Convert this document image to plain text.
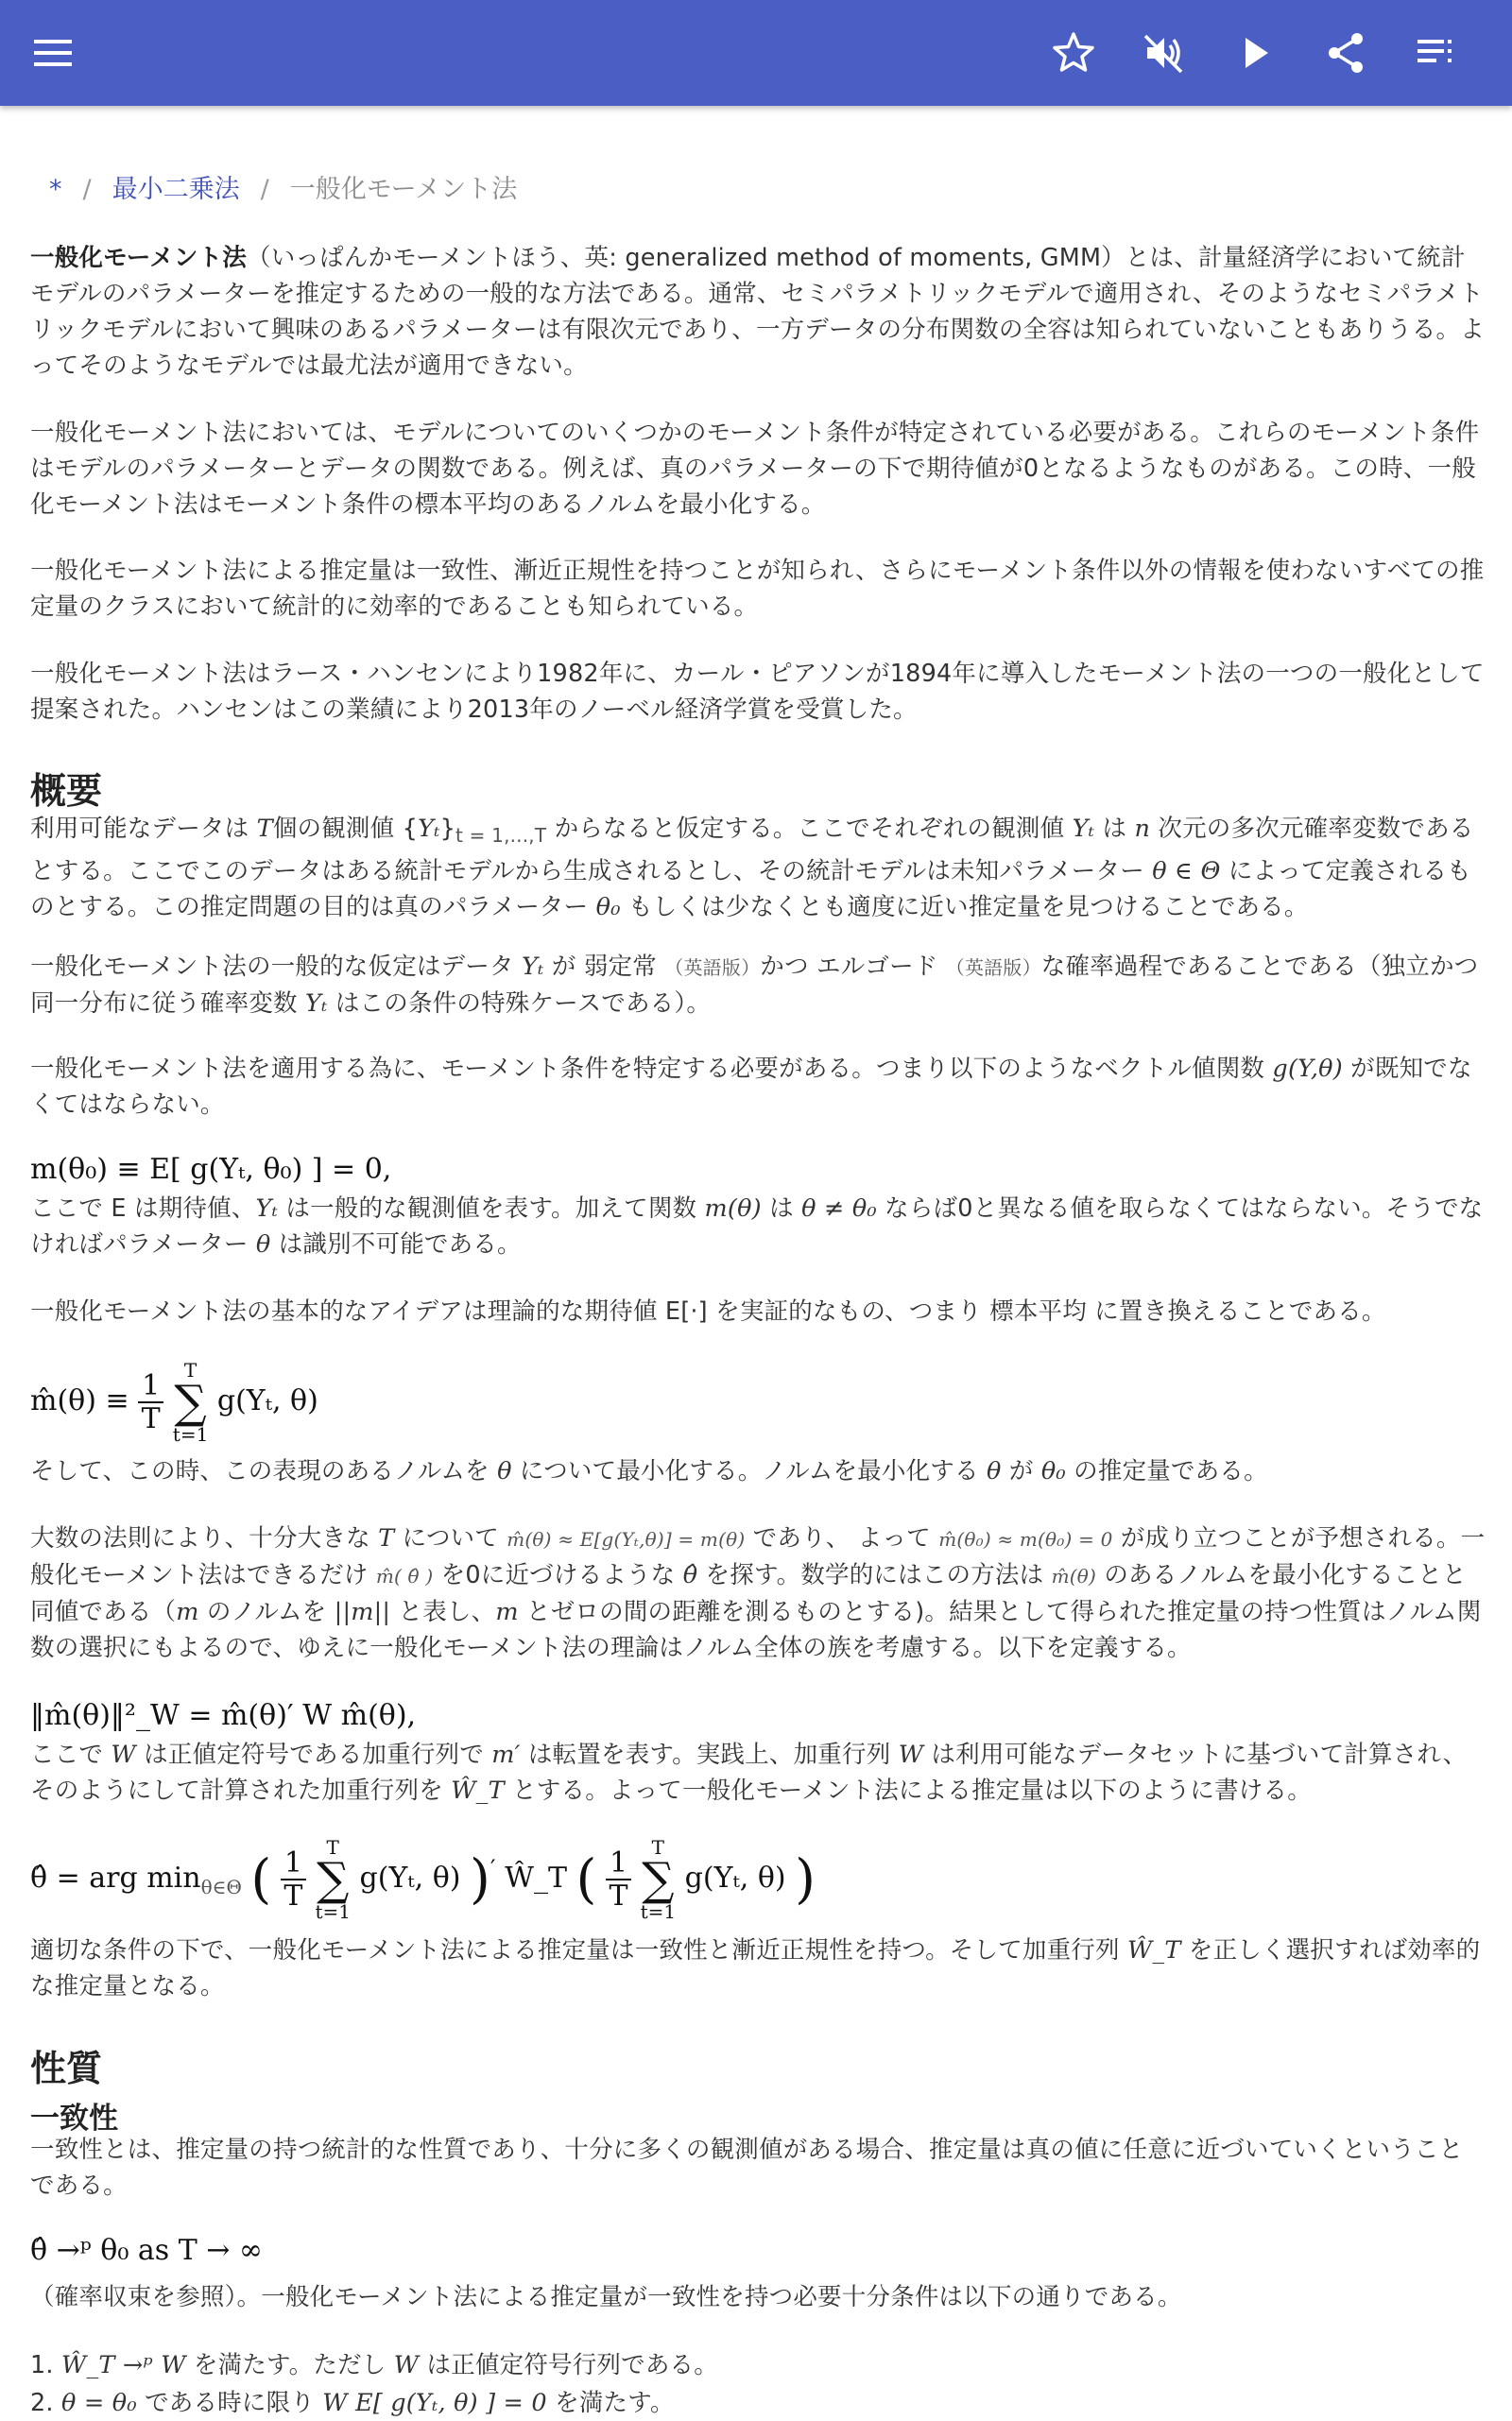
* / 最小二乗法 / 一般化モーメント法

一般化モーメント法（いっぱんかモーメントほう、英: generalized method of moments, GMM）とは、計量経済学において統計モデルのパラメーターを推定するための一般的な方法である。通常、セミパラメトリックモデルで適用され、そのようなセミパラメトリックモデルにおいて興味のあるパラメーターは有限次元であり、一方データの分布関数の全容は知られていないこともありうる。よってそのようなモデルでは最尤法が適用できない。

一般化モーメント法においては、モデルについてのいくつかのモーメント条件が特定されている必要がある。これらのモーメント条件はモデルのパラメーターとデータの関数である。例えば、真のパラメーターの下で期待値が0となるようなものがある。この時、一般化モーメント法はモーメント条件の標本平均のあるノルムを最小化する。

一般化モーメント法による推定量は一致性、漸近正規性を持つことが知られ、さらにモーメント条件以外の情報を使わないすべての推定量のクラスにおいて統計的に効率的であることも知られている。

一般化モーメント法はラース・ハンセンにより1982年に、カール・ピアソンが1894年に導入したモーメント法の一つの一般化として提案された。ハンセンはこの業績により2013年のノーベル経済学賞を受賞した。

概要

利用可能なデータは T個の観測値 $\{Y_t\}_{t = 1,...,T}$ からなると仮定する。ここでそれぞれの観測値 Yₜ は n 次元の多次元確率変数であるとする。ここでこのデータはある統計モデルから生成されるとし、その統計モデルは未知パラメーター θ ∈ Θ によって定義されるものとする。この推定問題の目的は真のパラメーター θ₀ もしくは少なくとも適度に近い推定量を見つけることである。

一般化モーメント法の一般的な仮定はデータ Yₜ が 弱定常 （英語版）かつ エルゴード （英語版）な確率過程であることである（独立かつ同一分布に従う確率変数 Yₜ はこの条件の特殊ケースである）。

一般化モーメント法を適用する為に、モーメント条件を特定する必要がある。つまり以下のようなベクトル値関数 g(Y,θ) が既知でなくてはならない。

m(θ₀) ≡ E[ g(Yₜ, θ₀) ] = 0,

ここで E は期待値、Yₜ は一般的な観測値を表す。加えて関数 m(θ) は θ ≠ θ₀ ならば0と異なる値を取らなくてはならない。そうでなければパラメーター θ は識別不可能である。

一般化モーメント法の基本的なアイデアは理論的な期待値 E[·] を実証的なもの、つまり 標本平均 に置き換えることである。

m̂(θ) ≡ $\frac{1}{T}$ T
∑
t=1 g(Yₜ, θ)

そして、この時、この表現のあるノルムを θ について最小化する。ノルムを最小化する θ が θ₀ の推定量である。

大数の法則により、十分大きな T について m̂(θ) ≈ E[g(Yₜ,θ)] = m(θ) であり、 よって m̂(θ₀) ≈ m(θ₀) = 0 が成り立つことが予想される。一般化モーメント法はできるだけ m̂( θ̂ ) を0に近づけるような θ̂ を探す。数学的にはこの方法は m̂(θ) のあるノルムを最小化することと同値である（m のノルムを ||m|| と表し、m とゼロの間の距離を測るものとする)。結果として得られた推定量の持つ性質はノルム関数の選択にもよるので、ゆえに一般化モーメント法の理論はノルム全体の族を考慮する。以下を定義する。

‖m̂(θ)‖²_W = m̂(θ)′ W m̂(θ),

ここで W は正値定符号である加重行列で m′ は転置を表す。実践上、加重行列 W は利用可能なデータセットに基づいて計算され、そのようにして計算された加重行列を Ŵ_T とする。よって一般化モーメント法による推定量は以下のように書ける。

θ̂ = arg $\min_{\theta\in\Theta}$ ( $\frac{1}{T}$ T
∑
t=1 g(Yₜ, θ) )′ Ŵ_T ( $\frac{1}{T}$ T
∑
t=1 g(Yₜ, θ) )

適切な条件の下で、一般化モーメント法による推定量は一致性と漸近正規性を持つ。そして加重行列 Ŵ_T を正しく選択すれば効率的な推定量となる。

性質
一致性

一致性とは、推定量の持つ統計的な性質であり、十分に多くの観測値がある場合、推定量は真の値に任意に近づいていくということである。

θ̂ →ᵖ θ₀ as T → ∞

（確率収束を参照）。一般化モーメント法による推定量が一致性を持つ必要十分条件は以下の通りである。

1. Ŵ_T →ᵖ W を満たす。ただし W は正値定符号行列である。

2. θ = θ₀ である時に限り W E[ g(Yₜ, θ) ] = 0 を満たす。
